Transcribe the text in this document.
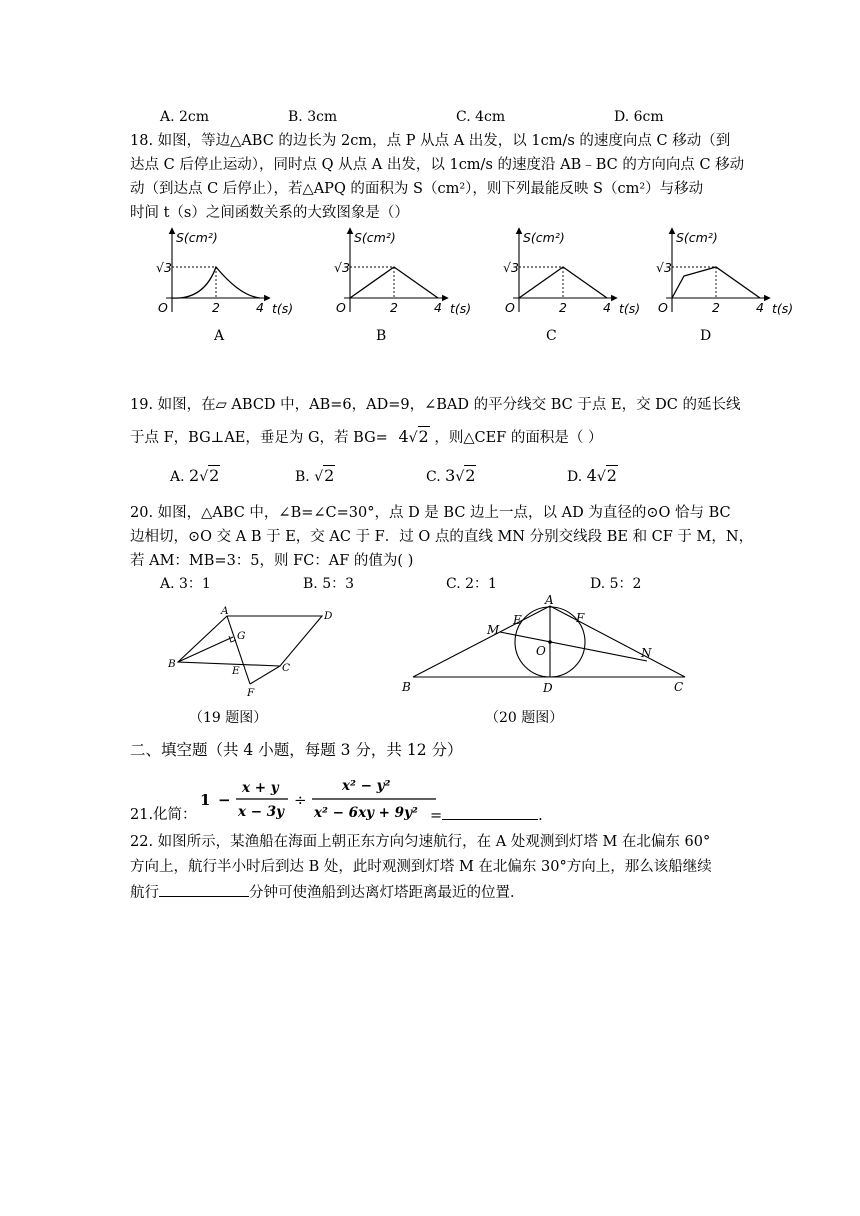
A. 2cm	B. 3cm	C. 4cm	D. 6cm
18. 如图，等边△ABC 的边长为 2cm，点 P 从点 A 出发，以 1cm/s 的速度向点 C 移动（到
达点 C 后停止运动），同时点 Q 从点 A 出发，以 1cm/s 的速度沿 AB﹣BC 的方向向点 C 移动
动（到达点 C 后停止），若△APQ 的面积为 S（cm²），则下列最能反映 S（cm²）与移动
时间 t（s）之间函数关系的大致图象是（）
S(cm²)
√3
O	2	4 t(s)
S(cm²)
√3
O	2	4 t(s)
S(cm²)
√3
O	2	4 t(s)
S(cm²)
√3
O	2	4 t(s)
A	B	C	D
19. 如图，在▱ ABCD 中，AB=6，AD=9，∠BAD 的平分线交 BC 于点 E，交 DC 的延长线
于点 F，BG⊥AE，垂足为 G，若 BG= 4√2 ，则△CEF 的面积是（ ）
A. 2√2	B. √2	C. 3√2	D. 4√2
20. 如图，△ABC 中，∠B=∠C=30°，点 D 是 BC 边上一点，以 AD 为直径的⊙O 恰与 BC
边相切，⊙O 交 A B 于 E，交 AC 于 F．过 O 点的直线 MN 分别交线段 BE 和 CF 于 M，N，
若 AM：MB=3：5，则 FC：AF 的值为( )
A. 3：1	B. 5：3	C. 2：1	D. 5：2
A	D
G
B
E	C
F
（19 题图）
A
E	F
M
O	N
B	D	C
（20 题图）
二、填空题（共 4 小题，每题 3 分，共 12 分）
21.化简：
1 −
x + y
x − 3y
÷
x² − y²
x² − 6xy + 9y² =	.
22. 如图所示，某渔船在海面上朝正东方向匀速航行，在 A 处观测到灯塔 M 在北偏东 60°
方向上，航行半小时后到达 B 处，此时观测到灯塔 M 在北偏东 30°方向上，那么该船继续
航行	分钟可使渔船到达离灯塔距离最近的位置．
